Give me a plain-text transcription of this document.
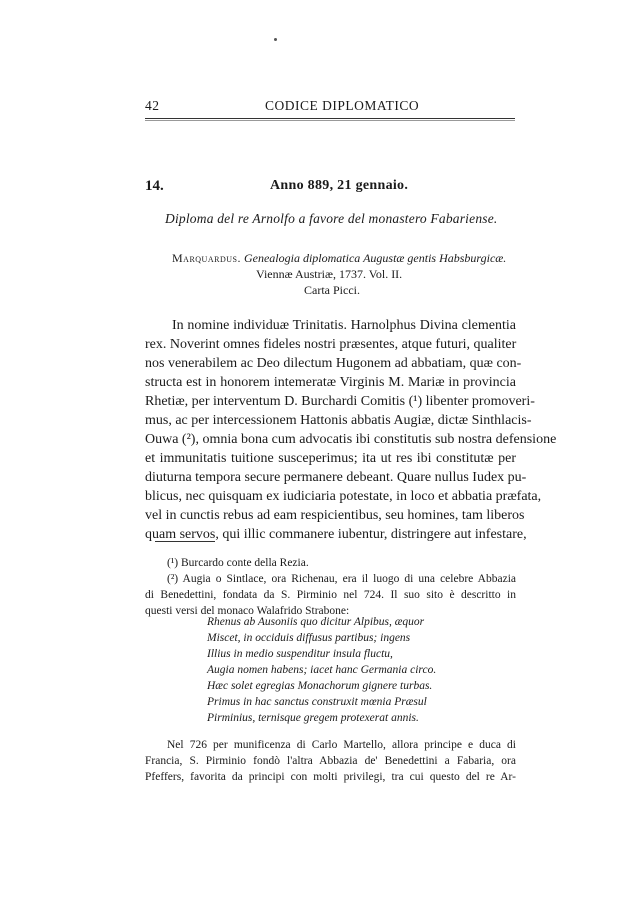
42	CODICE DIPLOMATICO
14.	Anno 889, 21 gennaio.
Diploma del re Arnolfo a favore del monastero Fabariense.
Marquardus. Genealogia diplomatica Augustæ gentis Habsburgicæ.
Viennæ Austriæ, 1737. Vol. II.
Carta Picci.
In nomine individuæ Trinitatis. Harnolphus Divina clementia
rex. Noverint omnes fideles nostri præsentes, atque futuri, qualiter
nos venerabilem ac Deo dilectum Hugonem ad abbatiam, quæ con-
structa est in honorem intemeratæ Virginis M. Mariæ in provincia
Rhetiæ, per interventum D. Burchardi Comitis (¹) libenter promoveri-
mus, ac per intercessionem Hattonis abbatis Augiæ, dictæ Sinthlacis-
Ouwa (²), omnia bona cum advocatis ibi constitutis sub nostra defensione
et immunitatis tuitione susceperimus; ita ut res ibi constitutæ per
diuturna tempora secure permanere debeant. Quare nullus Iudex pu-
blicus, nec quisquam ex iudiciaria potestate, in loco et abbatia præfata,
vel in cunctis rebus ad eam respicientibus, seu homines, tam liberos
quam servos, qui illic commanere iubentur, distringere aut infestare,
(¹) Burcardo conte della Rezia.
(²) Augia o Sintlace, ora Richenau, era il luogo di una celebre Abbazia
di Benedettini, fondata da S. Pirminio nel 724. Il suo sito è descritto in
questi versi del monaco Walafrido Strabone:
Rhenus ab Ausoniis quo dicitur Alpibus, æquor
Miscet, in occiduis diffusus partibus; ingens
Illius in medio suspenditur insula fluctu,
Augia nomen habens; iacet hanc Germania circo.
Hæc solet egregias Monachorum gignere turbas.
Primus in hac sanctus construxit mœnia Præsul
Pirminius, ternisque gregem protexerat annis.
Nel 726 per munificenza di Carlo Martello, allora principe e duca di
Francia, S. Pirminio fondò l'altra Abbazia de' Benedettini a Fabaria, ora
Pfeffers, favorita da principi con molti privilegi, tra cui questo del re Ar-
